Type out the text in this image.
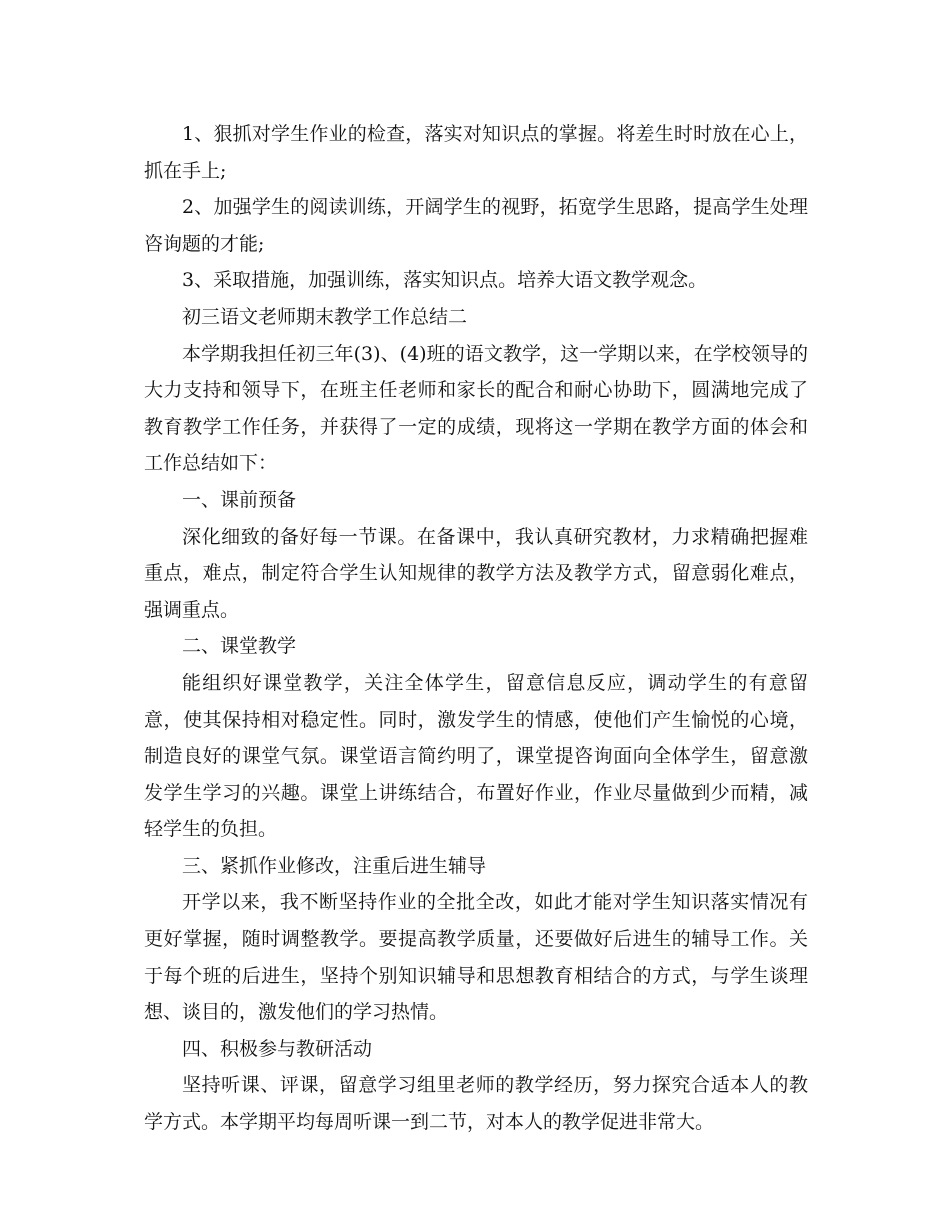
1、狠抓对学生作业的检查，落实对知识点的掌握。将差生时时放在心上，抓在手上;

2、加强学生的阅读训练，开阔学生的视野，拓宽学生思路，提高学生处理咨询题的才能;

3、采取措施，加强训练，落实知识点。培养大语文教学观念。

初三语文老师期末教学工作总结二

本学期我担任初三年(3)、(4)班的语文教学，这一学期以来，在学校领导的大力支持和领导下，在班主任老师和家长的配合和耐心协助下，圆满地完成了教育教学工作任务，并获得了一定的成绩，现将这一学期在教学方面的体会和工作总结如下：

一、课前预备

深化细致的备好每一节课。在备课中，我认真研究教材，力求精确把握难重点，难点，制定符合学生认知规律的教学方法及教学方式，留意弱化难点，强调重点。

二、课堂教学

能组织好课堂教学，关注全体学生，留意信息反应，调动学生的有意留意，使其保持相对稳定性。同时，激发学生的情感，使他们产生愉悦的心境，制造良好的课堂气氛。课堂语言简约明了，课堂提咨询面向全体学生，留意激发学生学习的兴趣。课堂上讲练结合，布置好作业，作业尽量做到少而精，减轻学生的负担。

三、紧抓作业修改，注重后进生辅导

开学以来，我不断坚持作业的全批全改，如此才能对学生知识落实情况有更好掌握，随时调整教学。要提高教学质量，还要做好后进生的辅导工作。关于每个班的后进生，坚持个别知识辅导和思想教育相结合的方式，与学生谈理想、谈目的，激发他们的学习热情。

四、积极参与教研活动

坚持听课、评课，留意学习组里老师的教学经历，努力探究合适本人的教学方式。本学期平均每周听课一到二节，对本人的教学促进非常大。
